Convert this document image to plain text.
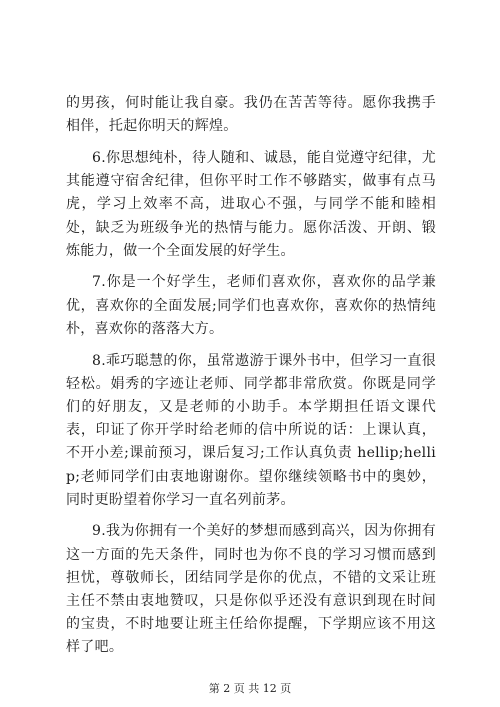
的男孩，何时能让我自豪。我仍在苦苦等待。愿你我携手相伴，托起你明天的辉煌。

6.你思想纯朴，待人随和、诚恳，能自觉遵守纪律，尤其能遵守宿舍纪律，但你平时工作不够踏实，做事有点马虎，学习上效率不高，进取心不强，与同学不能和睦相处，缺乏为班级争光的热情与能力。愿你活泼、开朗、锻炼能力，做一个全面发展的好学生。

7.你是一个好学生，老师们喜欢你，喜欢你的品学兼优，喜欢你的全面发展;同学们也喜欢你，喜欢你的热情纯朴，喜欢你的落落大方。

8.乖巧聪慧的你，虽常遨游于课外书中，但学习一直很轻松。娟秀的字迹让老师、同学都非常欣赏。你既是同学们的好朋友，又是老师的小助手。本学期担任语文课代表，印证了你开学时给老师的信中所说的话：上课认真，不开小差;课前预习，课后复习;工作认真负责 hellip;hellip;老师同学们由衷地谢谢你。望你继续领略书中的奥妙，同时更盼望着你学习一直名列前茅。

9.我为你拥有一个美好的梦想而感到高兴，因为你拥有这一方面的先天条件，同时也为你不良的学习习惯而感到担忧，尊敬师长，团结同学是你的优点，不错的文采让班主任不禁由衷地赞叹，只是你似乎还没有意识到现在时间的宝贵，不时地要让班主任给你提醒，下学期应该不用这样了吧。

第 2 页 共 12 页
